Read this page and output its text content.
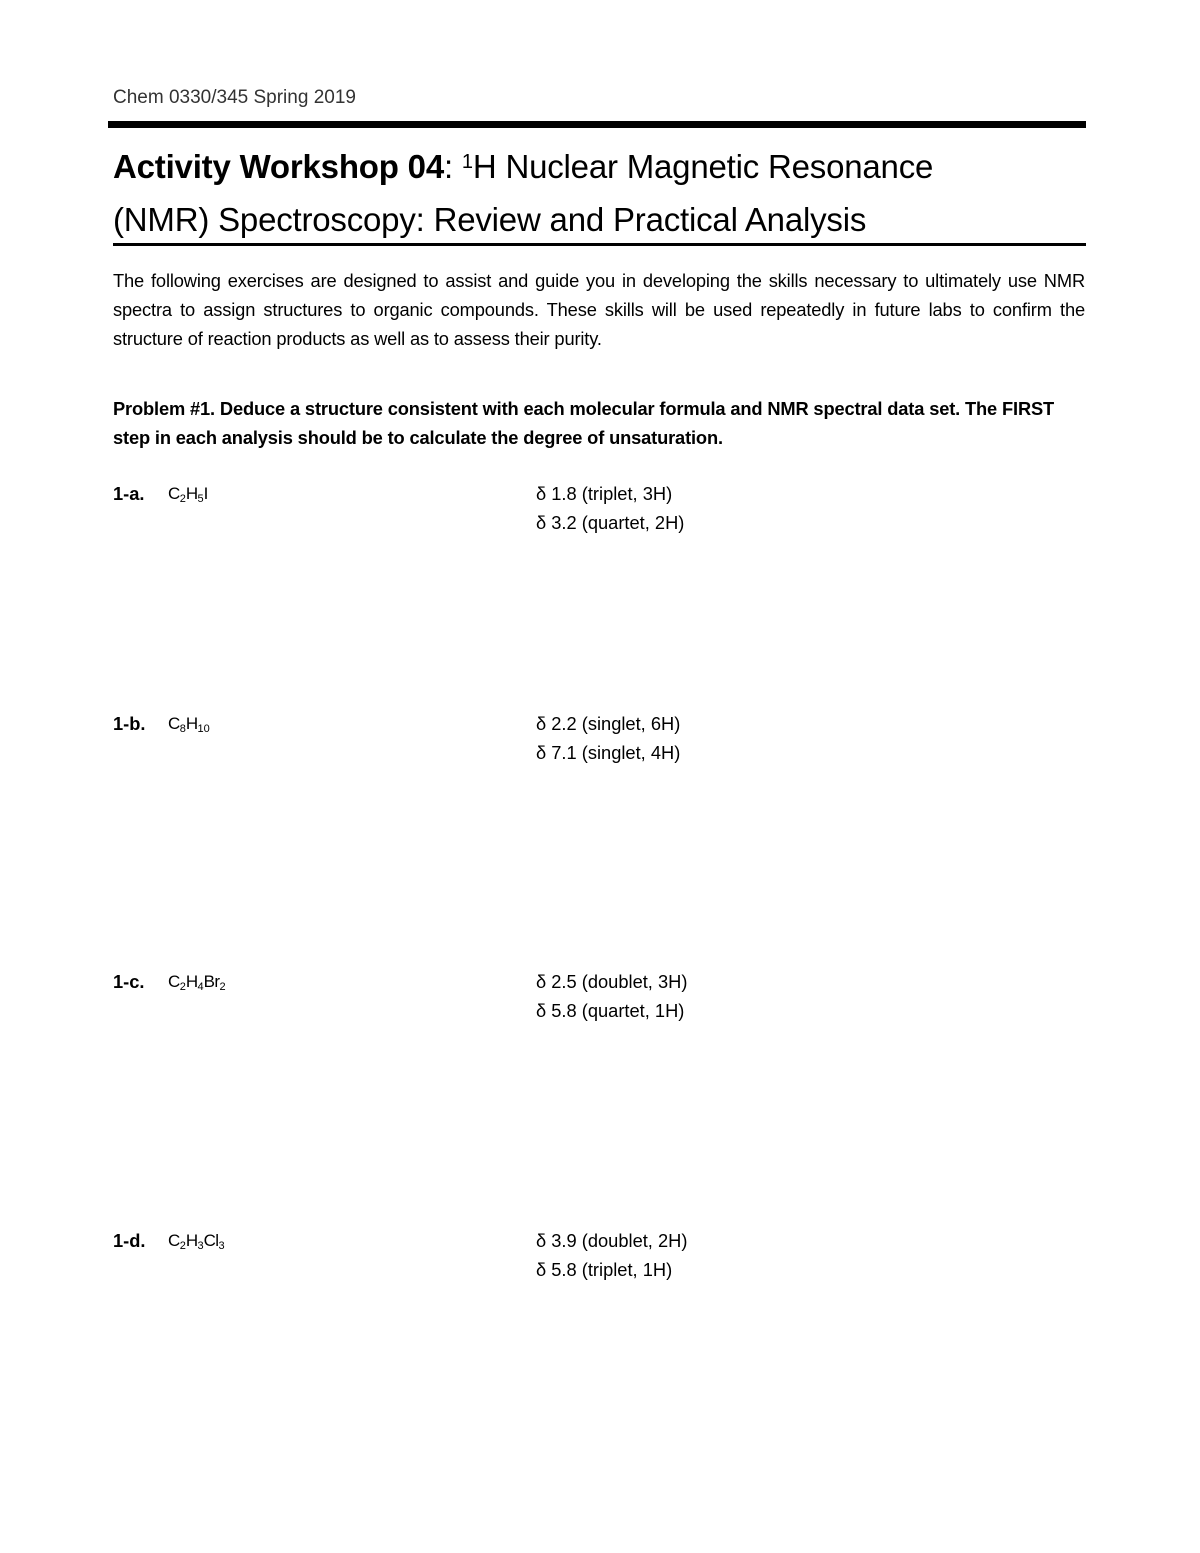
Chem 0330/345 Spring 2019
Activity Workshop 04: $^1$H Nuclear Magnetic Resonance
(NMR) Spectroscopy: Review and Practical Analysis
The following exercises are designed to assist and guide you in developing the skills necessary to ultimately use NMR spectra to assign structures to organic compounds. These skills will be used repeatedly in future labs to confirm the structure of reaction products as well as to assess their purity.
Problem #1. Deduce a structure consistent with each molecular formula and NMR spectral data set. The FIRST step in each analysis should be to calculate the degree of unsaturation.
1-a. $C_2H_5I$	δ 1.8 (triplet, 3H)
δ 3.2 (quartet, 2H)
1-b. $C_8H_{10}$	δ 2.2 (singlet, 6H)
δ 7.1 (singlet, 4H)
1-c. $C_2H_4Br_2$	δ 2.5 (doublet, 3H)
δ 5.8 (quartet, 1H)
1-d. $C_2H_3Cl_3$	δ 3.9 (doublet, 2H)
δ 5.8 (triplet, 1H)
